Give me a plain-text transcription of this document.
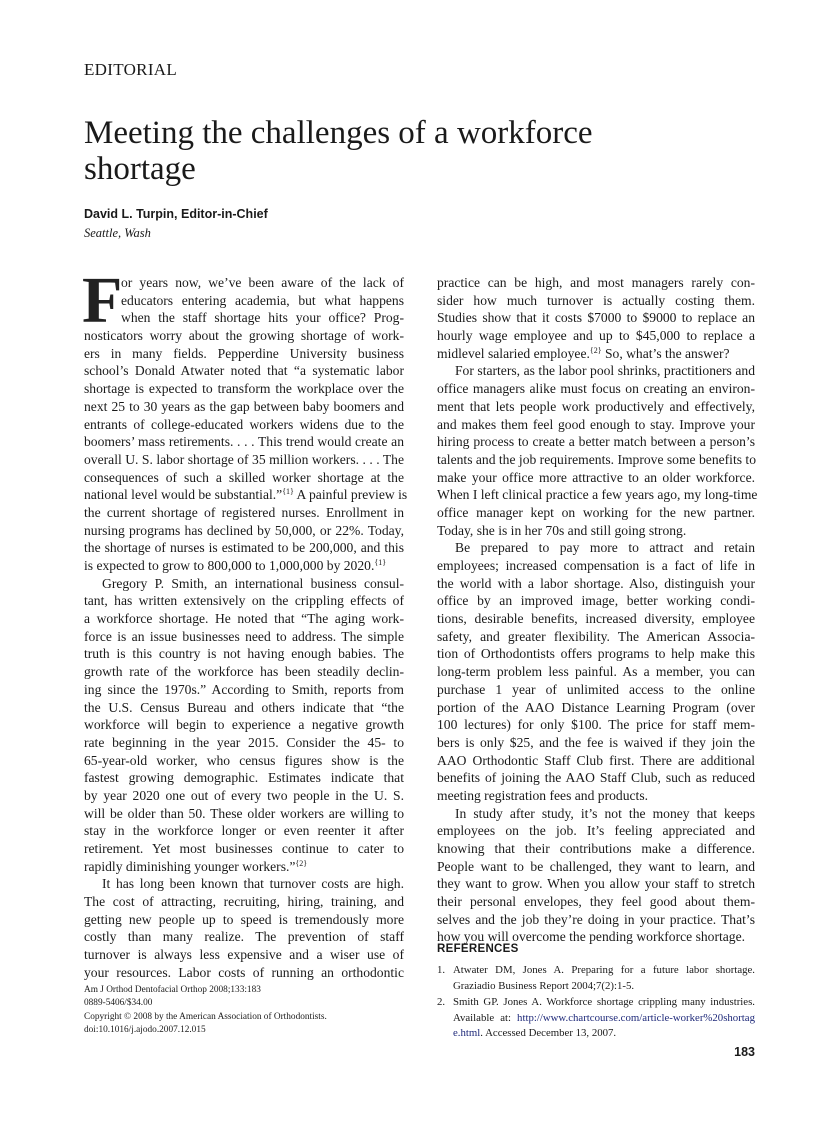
EDITORIAL
Meeting the challenges of a workforce
shortage
David L. Turpin, Editor-in-Chief
Seattle, Wash
F
or years now, we’ve been aware of the lack of
educators entering academia, but what happens
when the staff shortage hits your office? Prog-
nosticators worry about the growing shortage of work-
ers in many fields. Pepperdine University business
school’s Donald Atwater noted that “a systematic labor
shortage is expected to transform the workplace over the
next 25 to 30 years as the gap between baby boomers and
entrants of college-educated workers widens due to the
boomers’ mass retirements. . . . This trend would create an
overall U. S. labor shortage of 35 million workers. . . . The
consequences of such a skilled worker shortage at the
national level would be substantial.”$^{\{1\}}$ A painful preview is
the current shortage of registered nurses. Enrollment in
nursing programs has declined by 50,000, or 22%. Today,
the shortage of nurses is estimated to be 200,000, and this
is expected to grow to 800,000 to 1,000,000 by 2020.$^{\{1\}}$
Gregory P. Smith, an international business consul-
tant, has written extensively on the crippling effects of
a workforce shortage. He noted that “The aging work-
force is an issue businesses need to address. The simple
truth is this country is not having enough babies. The
growth rate of the workforce has been steadily declin-
ing since the 1970s.” According to Smith, reports from
the U.S. Census Bureau and others indicate that “the
workforce will begin to experience a negative growth
rate beginning in the year 2015. Consider the 45- to
65-year-old worker, who census figures show is the
fastest growing demographic. Estimates indicate that
by year 2020 one out of every two people in the U. S.
will be older than 50. These older workers are willing to
stay in the workforce longer or even reenter it after
retirement. Yet most businesses continue to cater to
rapidly diminishing younger workers.”$^{\{2\}}$
It has long been known that turnover costs are high.
The cost of attracting, recruiting, hiring, training, and
getting new people up to speed is tremendously more
costly than many realize. The prevention of staff
turnover is always less expensive and a wiser use of
your resources. Labor costs of running an orthodontic
practice can be high, and most managers rarely con-
sider how much turnover is actually costing them.
Studies show that it costs $7000 to $9000 to replace an
hourly wage employee and up to $45,000 to replace a
midlevel salaried employee.$^{\{2\}}$ So, what’s the answer?
For starters, as the labor pool shrinks, practitioners and
office managers alike must focus on creating an environ-
ment that lets people work productively and effectively,
and makes them feel good enough to stay. Improve your
hiring process to create a better match between a person’s
talents and the job requirements. Improve some benefits to
make your office more attractive to an older workforce.
When I left clinical practice a few years ago, my long-time
office manager kept on working for the new partner.
Today, she is in her 70s and still going strong.
Be prepared to pay more to attract and retain
employees; increased compensation is a fact of life in
the world with a labor shortage. Also, distinguish your
office by an improved image, better working condi-
tions, desirable benefits, increased diversity, employee
safety, and greater flexibility. The American Associa-
tion of Orthodontists offers programs to help make this
long-term problem less painful. As a member, you can
purchase 1 year of unlimited access to the online
portion of the AAO Distance Learning Program (over
100 lectures) for only $100. The price for staff mem-
bers is only $25, and the fee is waived if they join the
AAO Orthodontic Staff Club first. There are additional
benefits of joining the AAO Staff Club, such as reduced
meeting registration fees and products.
In study after study, it’s not the money that keeps
employees on the job. It’s feeling appreciated and
knowing that their contributions make a difference.
People want to be challenged, they want to learn, and
they want to grow. When you allow your staff to stretch
their personal envelopes, they feel good about them-
selves and the job they’re doing in your practice. That’s
how you will overcome the pending workforce shortage.
REFERENCES
1. Atwater DM, Jones A. Preparing for a future labor shortage. Graziadio Business Report 2004;7(2):1-5.
2. Smith GP. Jones A. Workforce shortage crippling many industries. Available at: http://www.chartcourse.com/article-worker%20shortage.html. Accessed December 13, 2007.
Am J Orthod Dentofacial Orthop 2008;133:183
0889-5406/$34.00
Copyright © 2008 by the American Association of Orthodontists.
doi:10.1016/j.ajodo.2007.12.015
183
